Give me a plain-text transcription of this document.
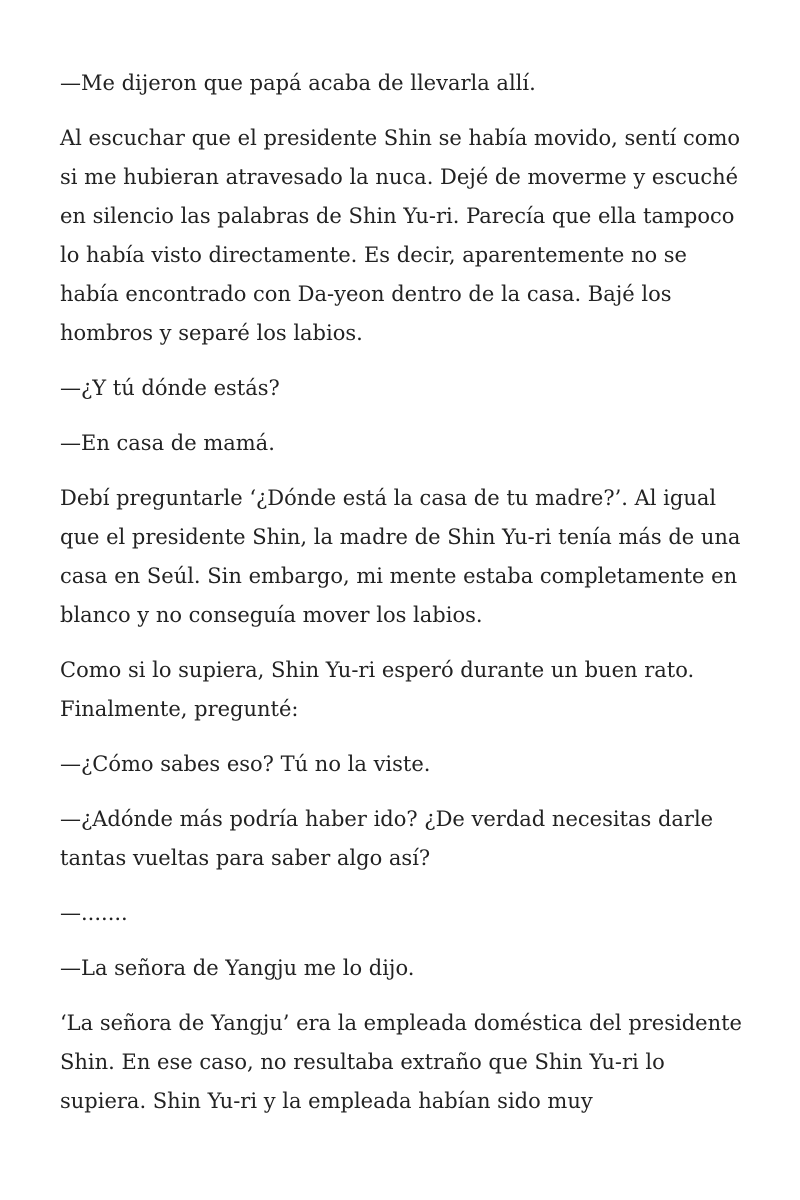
—Me dijeron que papá acaba de llevarla allí.

Al escuchar que el presidente Shin se había movido, sentí como si me hubieran atravesado la nuca. Dejé de moverme y escuché en silencio las palabras de Shin Yu-ri. Parecía que ella tampoco lo había visto directamente. Es decir, aparentemente no se había encontrado con Da-yeon dentro de la casa. Bajé los hombros y separé los labios.

—¿Y tú dónde estás?

—En casa de mamá.

Debí preguntarle ‘¿Dónde está la casa de tu madre?’. Al igual que el presidente Shin, la madre de Shin Yu-ri tenía más de una casa en Seúl. Sin embargo, mi mente estaba completamente en blanco y no conseguía mover los labios.

Como si lo supiera, Shin Yu-ri esperó durante un buen rato. Finalmente, pregunté:

—¿Cómo sabes eso? Tú no la viste.

—¿Adónde más podría haber ido? ¿De verdad necesitas darle tantas vueltas para saber algo así?

—.......

—La señora de Yangju me lo dijo.

‘La señora de Yangju’ era la empleada doméstica del presidente Shin. En ese caso, no resultaba extraño que Shin Yu-ri lo supiera. Shin Yu-ri y la empleada habían sido muy
